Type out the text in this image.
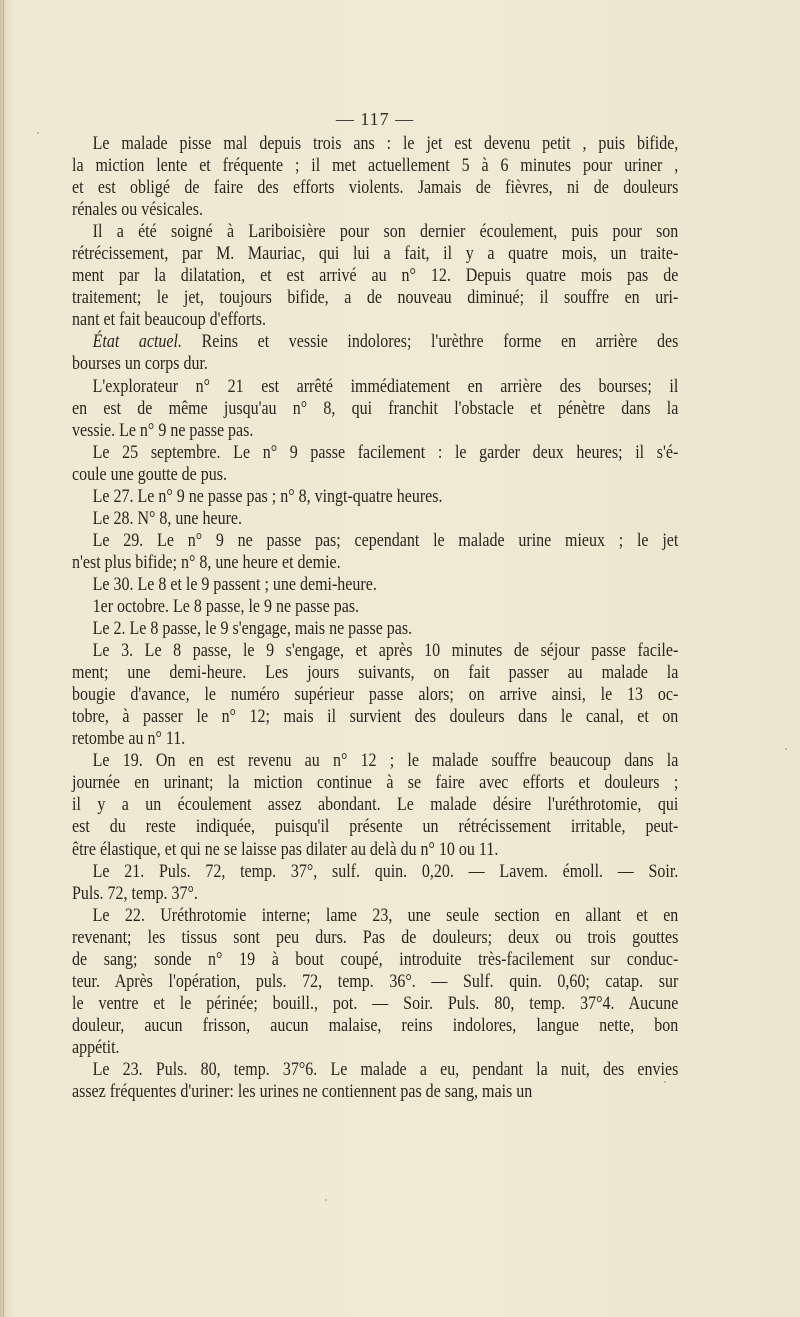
— 117 —
Le malade pisse mal depuis trois ans : le jet est devenu petit , puis bifide,
la miction lente et fréquente ; il met actuellement 5 à 6 minutes pour uriner ,
et est obligé de faire des efforts violents. Jamais de fièvres, ni de douleurs
rénales ou vésicales.
Il a été soigné à Lariboisière pour son dernier écoulement, puis pour son
rétrécissement, par M. Mauriac, qui lui a fait, il y a quatre mois, un traite-
ment par la dilatation, et est arrivé au n° 12. Depuis quatre mois pas de
traitement; le jet, toujours bifide, a de nouveau diminué; il souffre en uri-
nant et fait beaucoup d'efforts.
État actuel. Reins et vessie indolores; l'urèthre forme en arrière des
bourses un corps dur.
L'explorateur n° 21 est arrêté immédiatement en arrière des bourses; il
en est de même jusqu'au n° 8, qui franchit l'obstacle et pénètre dans la
vessie. Le n° 9 ne passe pas.
Le 25 septembre. Le n° 9 passe facilement : le garder deux heures; il s'é-
coule une goutte de pus.
Le 27. Le n° 9 ne passe pas ; n° 8, vingt-quatre heures.
Le 28. N° 8, une heure.
Le 29. Le n° 9 ne passe pas; cependant le malade urine mieux ; le jet
n'est plus bifide; n° 8, une heure et demie.
Le 30. Le 8 et le 9 passent ; une demi-heure.
1er octobre. Le 8 passe, le 9 ne passe pas.
Le 2. Le 8 passe, le 9 s'engage, mais ne passe pas.
Le 3. Le 8 passe, le 9 s'engage, et après 10 minutes de séjour passe facile-
ment; une demi-heure. Les jours suivants, on fait passer au malade la
bougie d'avance, le numéro supérieur passe alors; on arrive ainsi, le 13 oc-
tobre, à passer le n° 12; mais il survient des douleurs dans le canal, et on
retombe au n° 11.
Le 19. On en est revenu au n° 12 ; le malade souffre beaucoup dans la
journée en urinant; la miction continue à se faire avec efforts et douleurs ;
il y a un écoulement assez abondant. Le malade désire l'uréthrotomie, qui
est du reste indiquée, puisqu'il présente un rétrécissement irritable, peut-
être élastique, et qui ne se laisse pas dilater au delà du n° 10 ou 11.
Le 21. Puls. 72, temp. 37°, sulf. quin. 0,20. — Lavem. émoll. — Soir.
Puls. 72, temp. 37°.
Le 22. Uréthrotomie interne; lame 23, une seule section en allant et en
revenant; les tissus sont peu durs. Pas de douleurs; deux ou trois gouttes
de sang; sonde n° 19 à bout coupé, introduite très-facilement sur conduc-
teur. Après l'opération, puls. 72, temp. 36°. — Sulf. quin. 0,60; catap. sur
le ventre et le périnée; bouill., pot. — Soir. Puls. 80, temp. 37°4. Aucune
douleur, aucun frisson, aucun malaise, reins indolores, langue nette, bon
appétit.
Le 23. Puls. 80, temp. 37°6. Le malade a eu, pendant la nuit, des envies
assez fréquentes d'uriner: les urines ne contiennent pas de sang, mais un
